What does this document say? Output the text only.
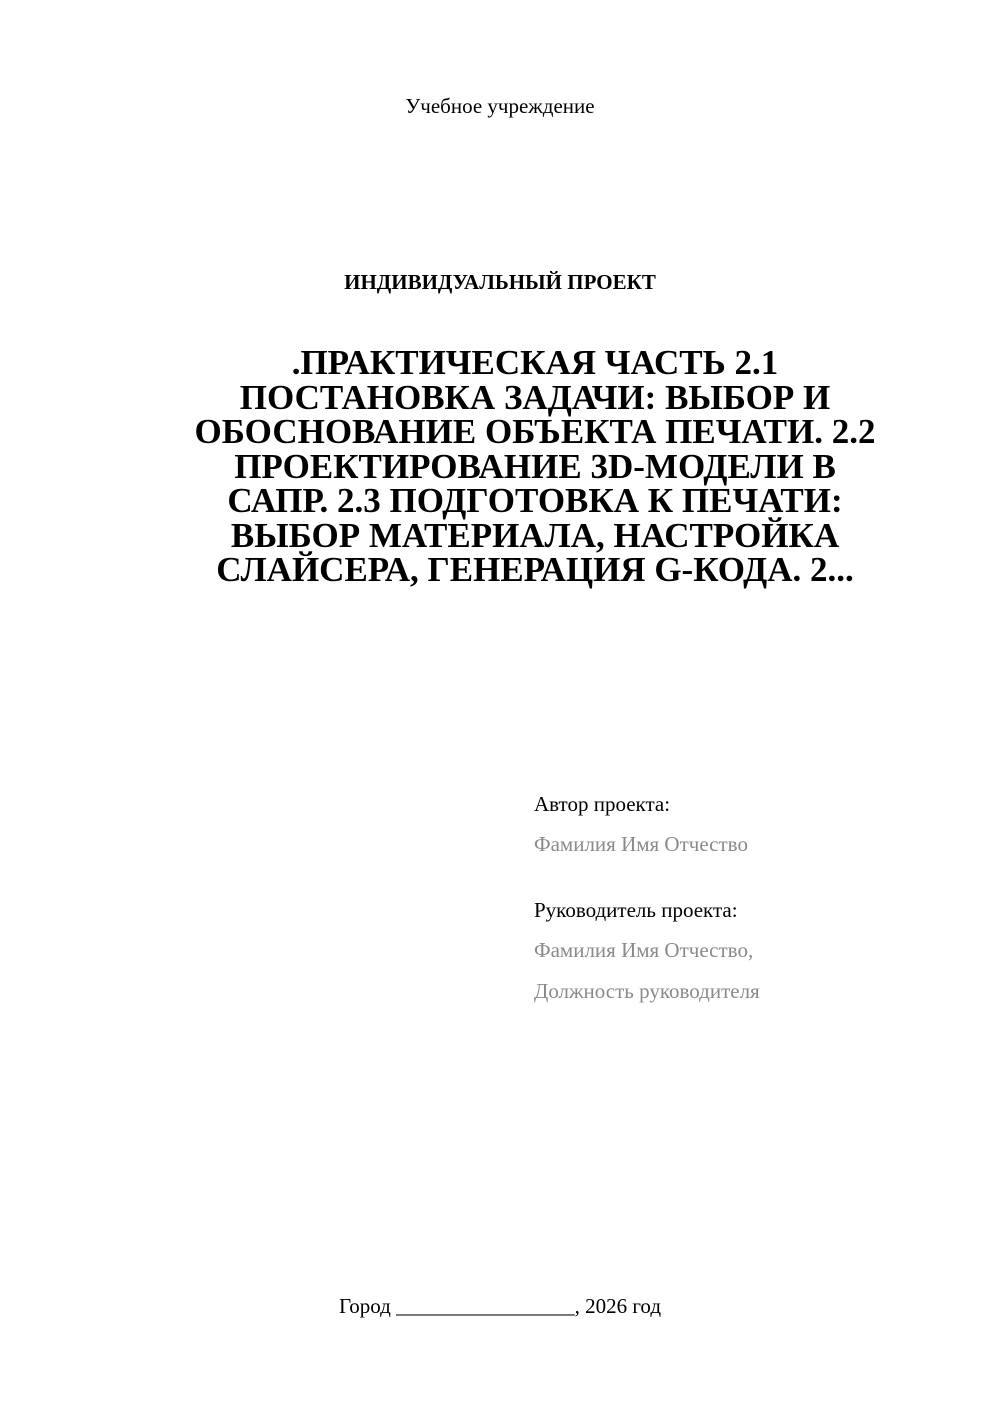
Учебное учреждение
ИНДИВИДУАЛЬНЫЙ ПРОЕКТ
.ПРАКТИЧЕСКАЯ ЧАСТЬ 2.1
ПОСТАНОВКА ЗАДАЧИ: ВЫБОР И
ОБОСНОВАНИЕ ОБЪЕКТА ПЕЧАТИ. 2.2
ПРОЕКТИРОВАНИЕ 3D-МОДЕЛИ В
САПР. 2.3 ПОДГОТОВКА К ПЕЧАТИ:
ВЫБОР МАТЕРИАЛА, НАСТРОЙКА
СЛАЙСЕРА, ГЕНЕРАЦИЯ G-КОДА. 2...
Автор проекта:
Фамилия Имя Отчество
Руководитель проекта:
Фамилия Имя Отчество,
Должность руководителя
Город _________________, 2026 год
